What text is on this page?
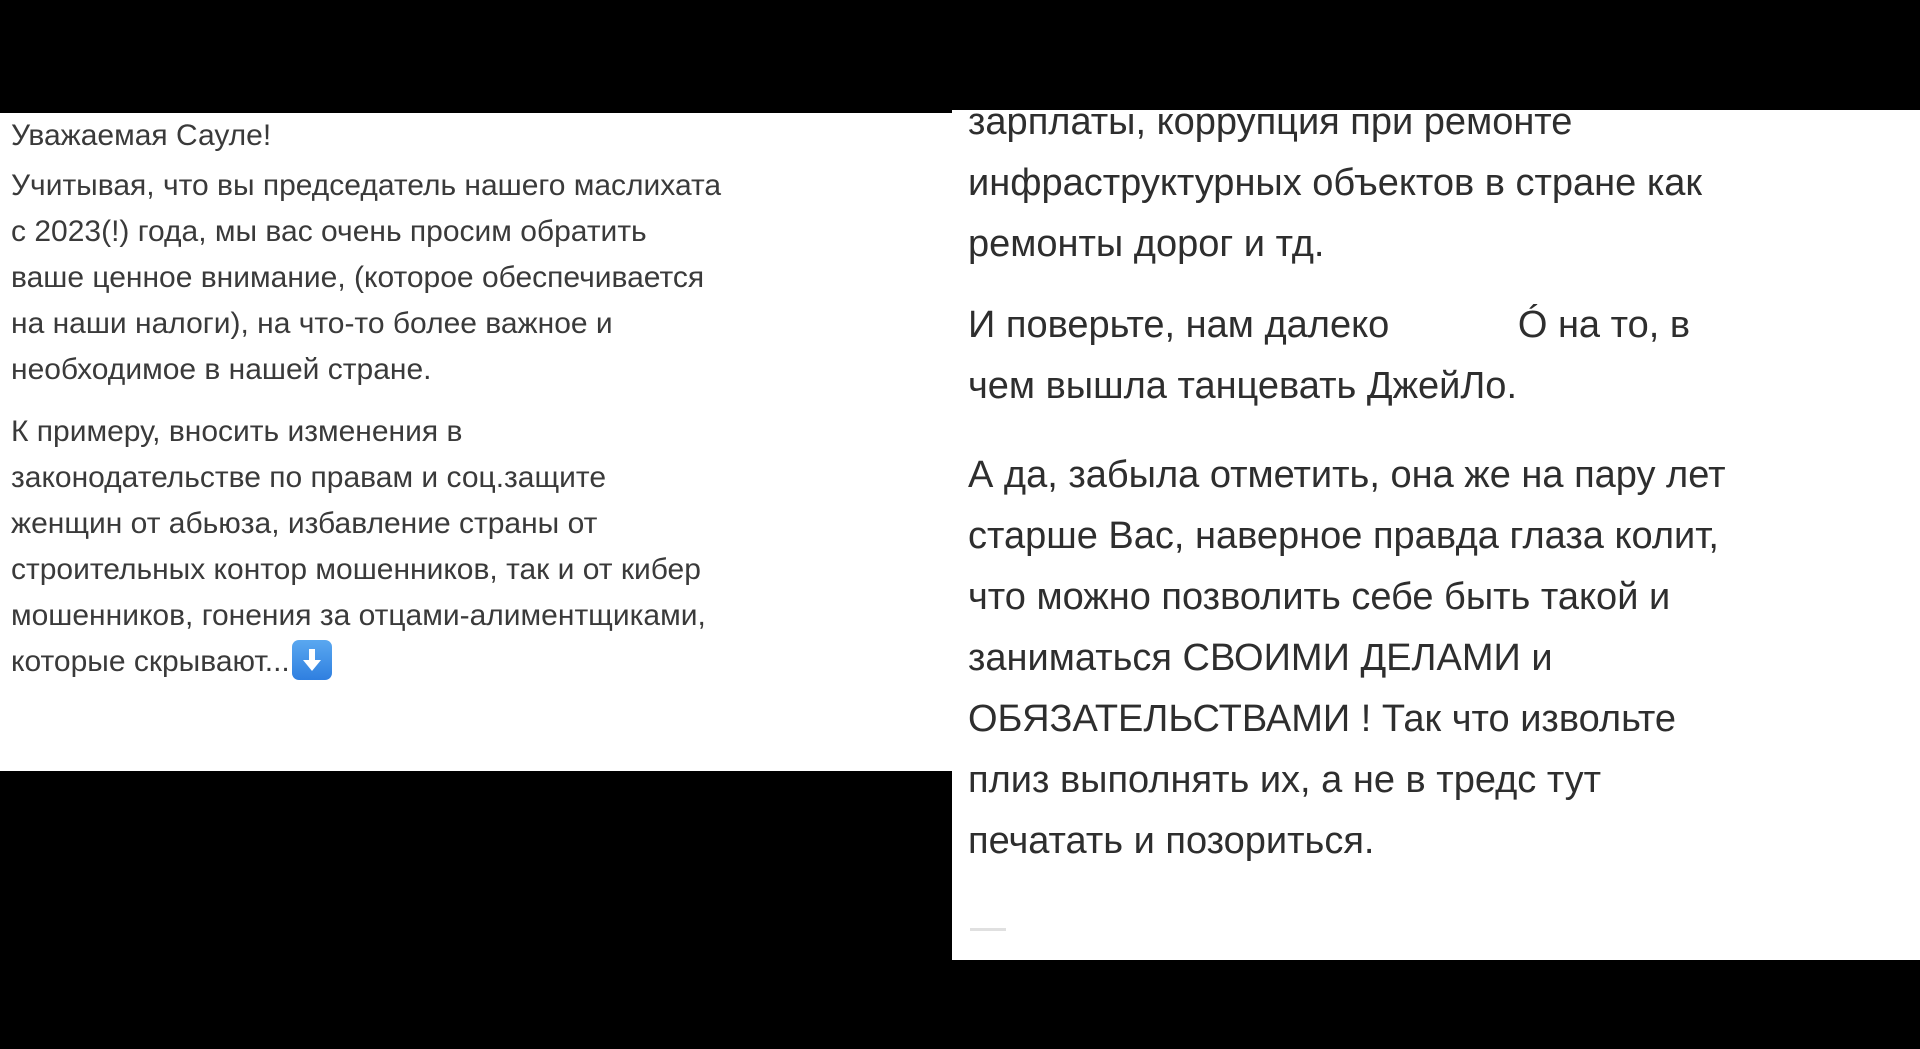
Уважаемая Сауле!

Учитывая, что вы председатель нашего маслихата
с 2023(!) года, мы вас очень просим обратить
ваше ценное внимание, (которое обеспечивается
на наши налоги), на что-то более важное и
необходимое в нашей стране.

К примеру, вносить изменения в
законодательстве по правам и соц.защите
женщин от абьюза, избавление страны от
строительных контор мошенников, так и от кибер
мошенников, гонения за отцами-алиментщиками,
которые скрывают...

зарплаты, коррупция при ремонте
инфраструктурных объектов в стране как
ремонты дорог и тд.

И поверьте, нам далеко	Ó на то, в
чем вышла танцевать ДжейЛо.

А да, забыла отметить, она же на пару лет
старше Вас, наверное правда глаза колит,
что можно позволить себе быть такой и
заниматься СВОИМИ ДЕЛАМИ и
ОБЯЗАТЕЛЬСТВАМИ ! Так что извольте
плиз выполнять их, а не в тредс тут
печатать и позориться.
